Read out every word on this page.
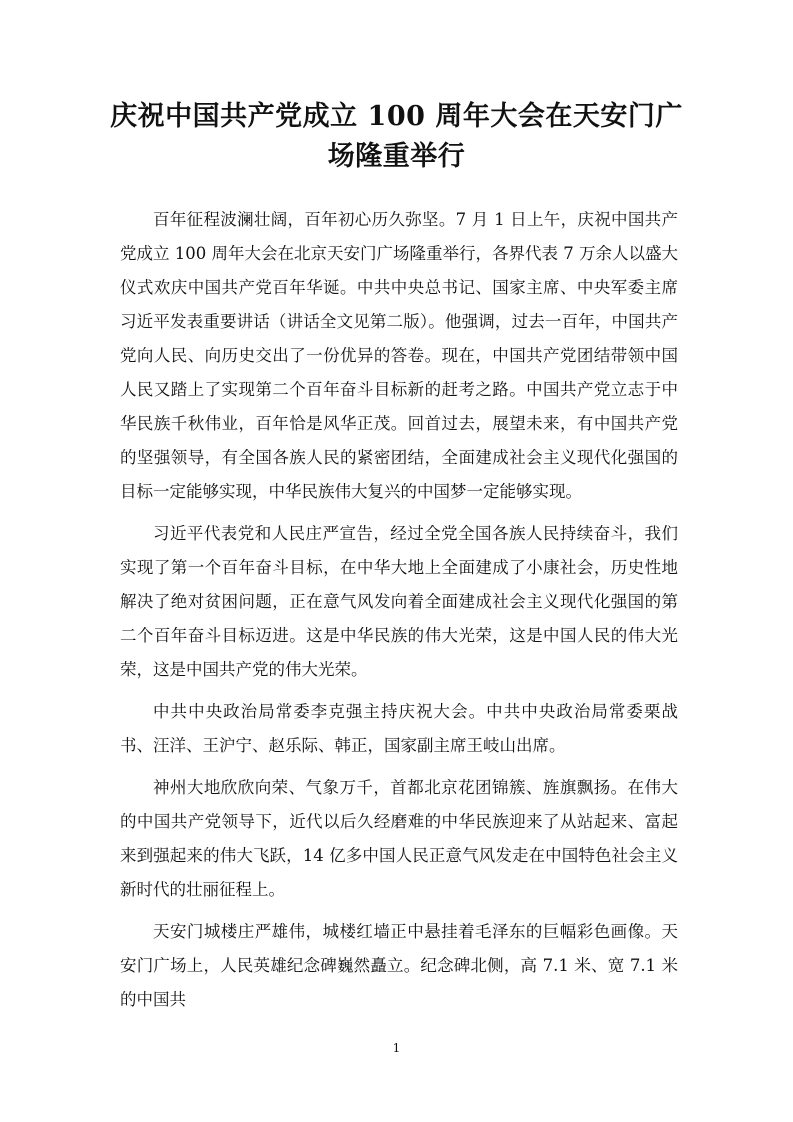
庆祝中国共产党成立 100 周年大会在天安门广场隆重举行

百年征程波澜壮阔，百年初心历久弥坚。7 月 1 日上午，庆祝中国共产党成立 100 周年大会在北京天安门广场隆重举行，各界代表 7 万余人以盛大仪式欢庆中国共产党百年华诞。中共中央总书记、国家主席、中央军委主席习近平发表重要讲话（讲话全文见第二版）。他强调，过去一百年，中国共产党向人民、向历史交出了一份优异的答卷。现在，中国共产党团结带领中国人民又踏上了实现第二个百年奋斗目标新的赶考之路。中国共产党立志于中华民族千秋伟业，百年恰是风华正茂。回首过去，展望未来，有中国共产党的坚强领导，有全国各族人民的紧密团结，全面建成社会主义现代化强国的目标一定能够实现，中华民族伟大复兴的中国梦一定能够实现。

习近平代表党和人民庄严宣告，经过全党全国各族人民持续奋斗，我们实现了第一个百年奋斗目标，在中华大地上全面建成了小康社会，历史性地解决了绝对贫困问题，正在意气风发向着全面建成社会主义现代化强国的第二个百年奋斗目标迈进。这是中华民族的伟大光荣，这是中国人民的伟大光荣，这是中国共产党的伟大光荣。

中共中央政治局常委李克强主持庆祝大会。中共中央政治局常委栗战书、汪洋、王沪宁、赵乐际、韩正，国家副主席王岐山出席。

神州大地欣欣向荣、气象万千，首都北京花团锦簇、旌旗飘扬。在伟大的中国共产党领导下，近代以后久经磨难的中华民族迎来了从站起来、富起来到强起来的伟大飞跃，14 亿多中国人民正意气风发走在中国特色社会主义新时代的壮丽征程上。

天安门城楼庄严雄伟，城楼红墙正中悬挂着毛泽东的巨幅彩色画像。天安门广场上，人民英雄纪念碑巍然矗立。纪念碑北侧，高 7.1 米、宽 7.1 米的中国共

1
